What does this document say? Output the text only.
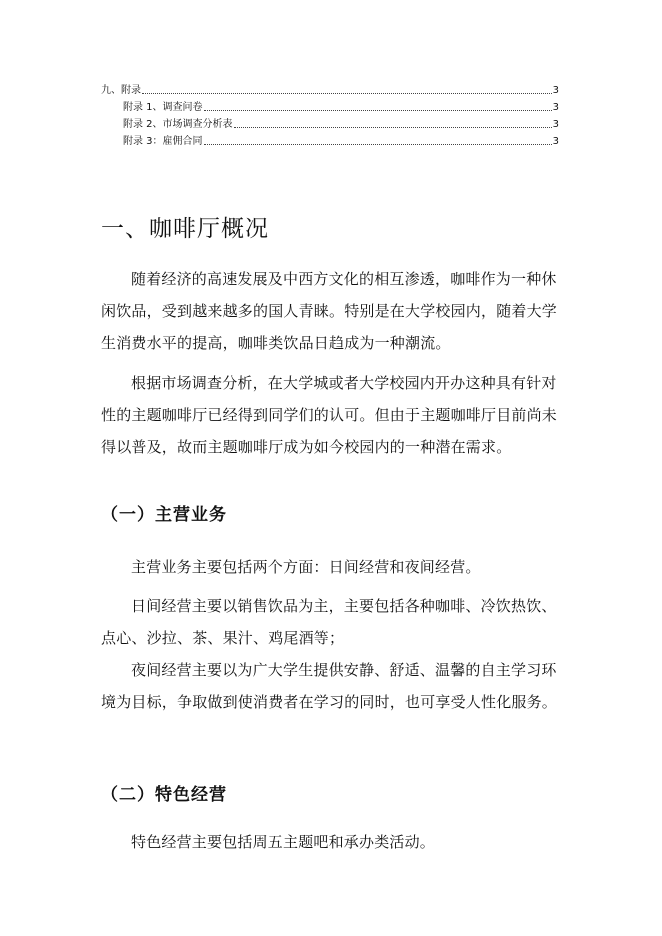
九、附录	3
附录 1、调查问卷	3
附录 2、市场调查分析表	3
附录 3：雇佣合同	3
一、咖啡厅概况
随着经济的高速发展及中西方文化的相互渗透，咖啡作为一种休闲饮品，受到越来越多的国人青睐。特别是在大学校园内，随着大学生消费水平的提高，咖啡类饮品日趋成为一种潮流。
根据市场调查分析，在大学城或者大学校园内开办这种具有针对性的主题咖啡厅已经得到同学们的认可。但由于主题咖啡厅目前尚未得以普及，故而主题咖啡厅成为如今校园内的一种潜在需求。
（一）主营业务
主营业务主要包括两个方面：日间经营和夜间经营。
日间经营主要以销售饮品为主，主要包括各种咖啡、冷饮热饮、点心、沙拉、茶、果汁、鸡尾酒等；
夜间经营主要以为广大学生提供安静、舒适、温馨的自主学习环境为目标，争取做到使消费者在学习的同时，也可享受人性化服务。
（二）特色经营
特色经营主要包括周五主题吧和承办类活动。
